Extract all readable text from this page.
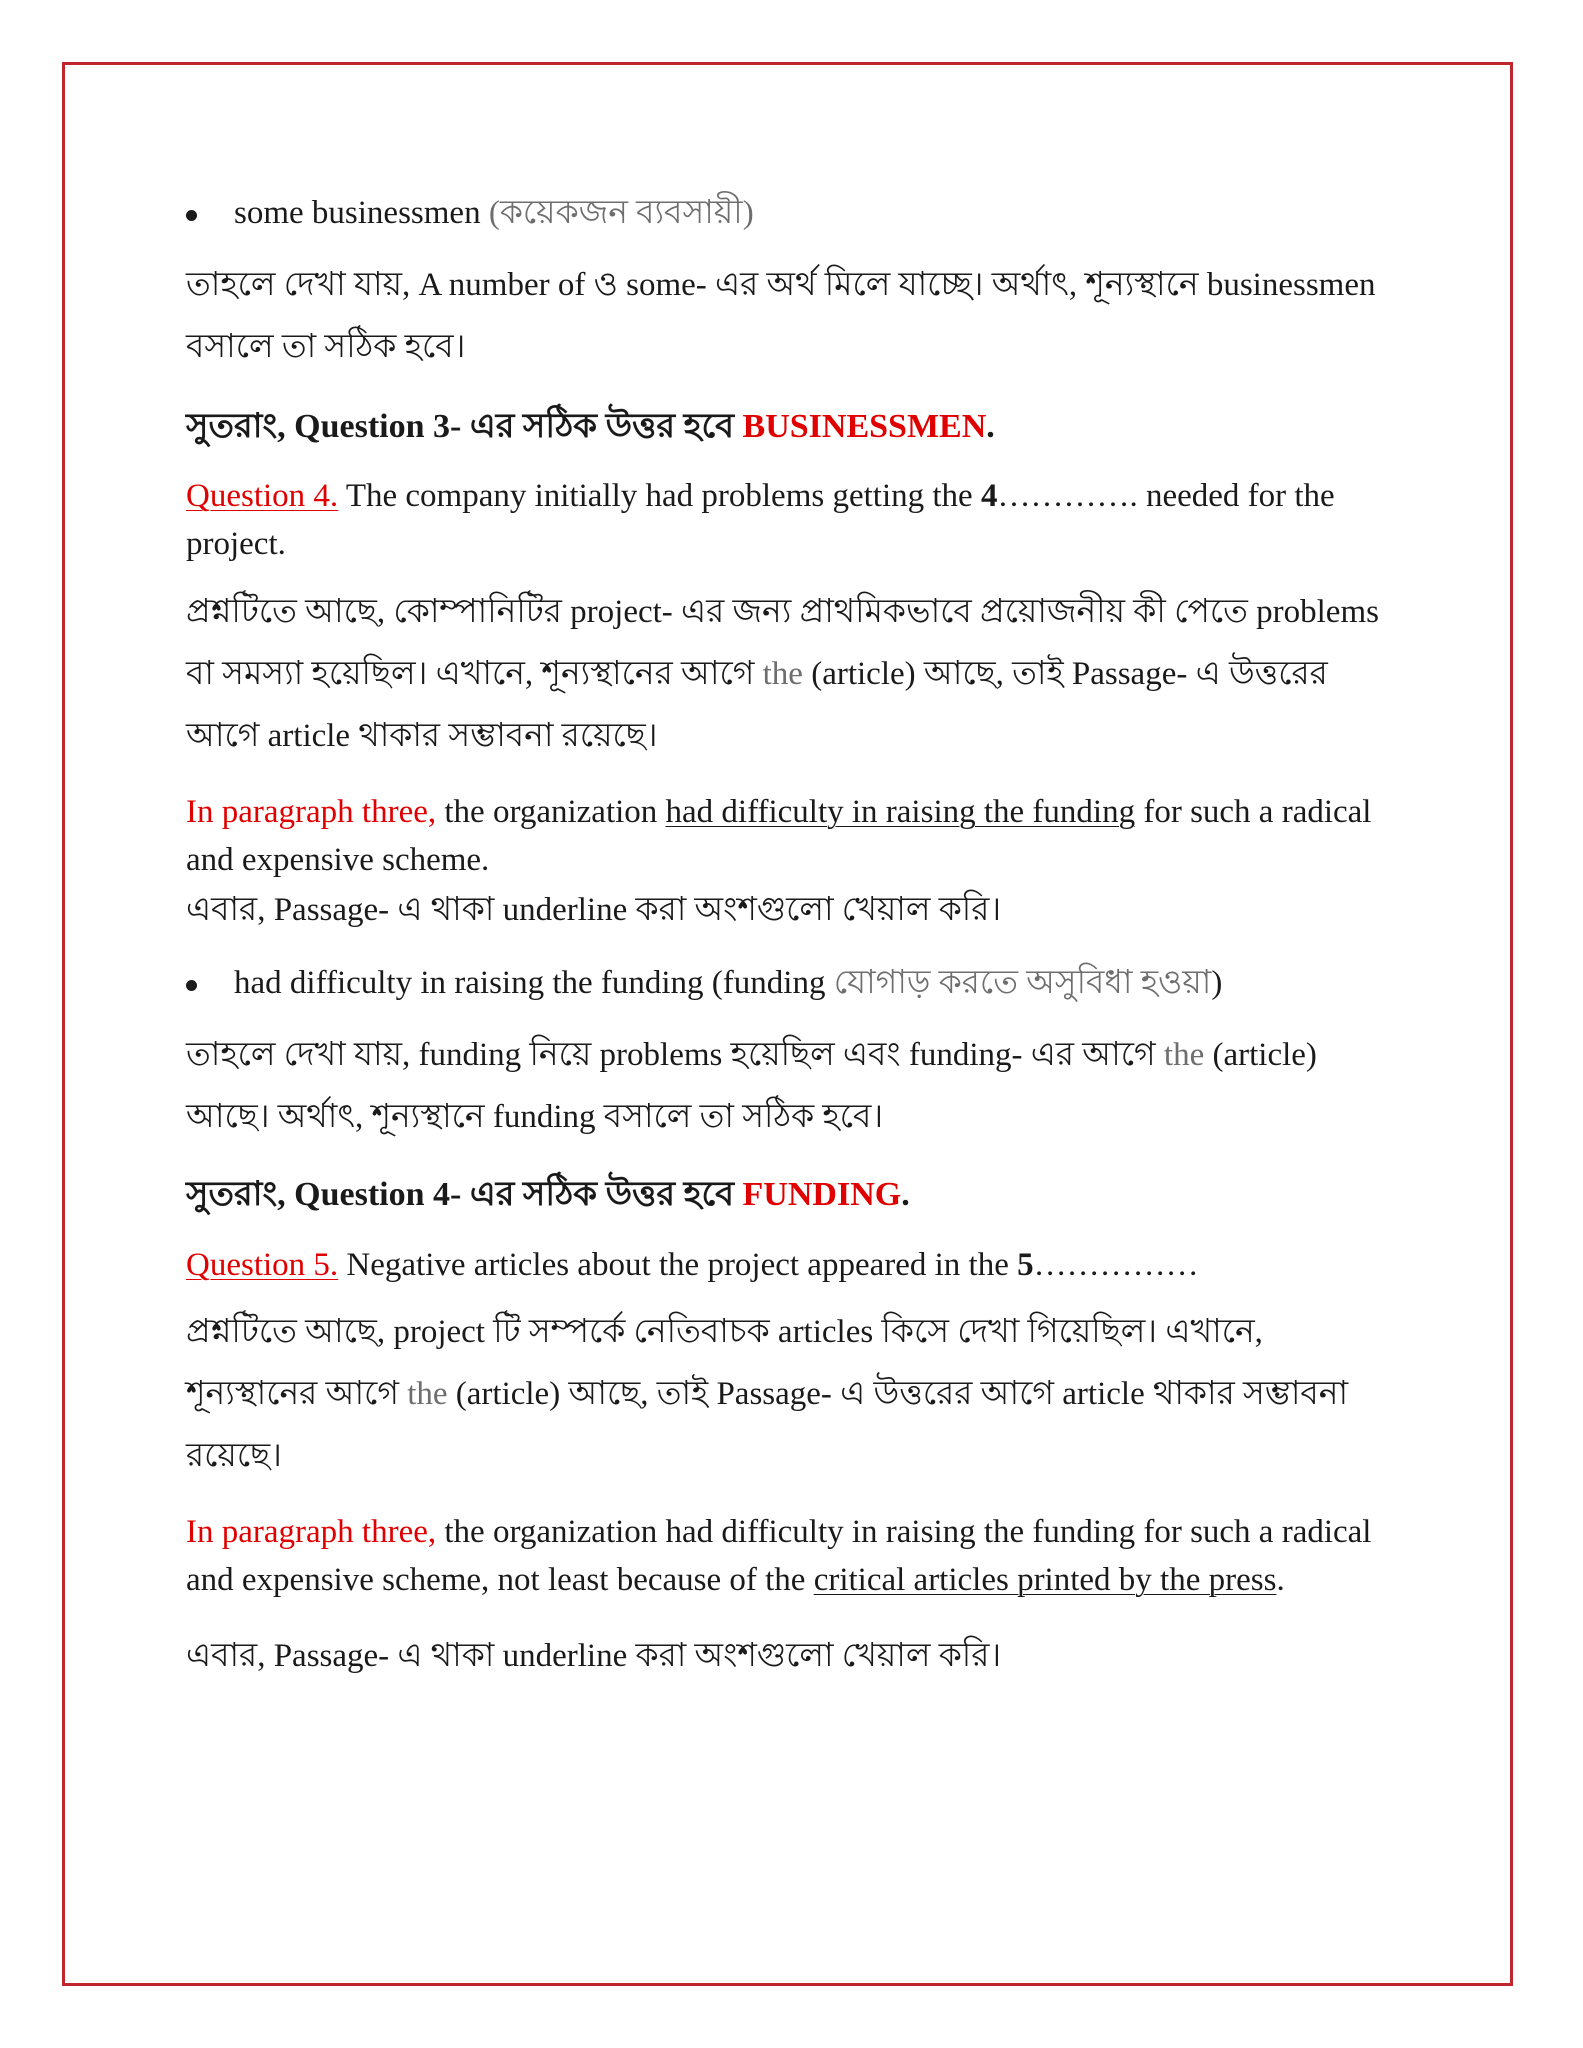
some businessmen (কয়েকজন ব্যবসায়ী)
তাহলে দেখা যায়, A number of ও some- এর অর্থ মিলে যাচ্ছে। অর্থাৎ, শূন্যস্থানে businessmen
বসালে তা সঠিক হবে।
সুতরাং, Question 3- এর সঠিক উত্তর হবে BUSINESSMEN.
Question 4. The company initially had problems getting the 4…………. needed for the project.
প্রশ্নটিতে আছে, কোম্পানিটির project- এর জন্য প্রাথমিকভাবে প্রয়োজনীয় কী পেতে problems
বা সমস্যা হয়েছিল। এখানে, শূন্যস্থানের আগে the (article) আছে, তাই Passage- এ উত্তরের
আগে article থাকার সম্ভাবনা রয়েছে।
In paragraph three, the organization had difficulty in raising the funding for such a radical and expensive scheme.
এবার, Passage- এ থাকা underline করা অংশগুলো খেয়াল করি।
had difficulty in raising the funding (funding যোগাড় করতে অসুবিধা হওয়া)
তাহলে দেখা যায়, funding নিয়ে problems হয়েছিল এবং funding- এর আগে the (article)
আছে। অর্থাৎ, শূন্যস্থানে funding বসালে তা সঠিক হবে।
সুতরাং, Question 4- এর সঠিক উত্তর হবে FUNDING.
Question 5. Negative articles about the project appeared in the 5……………
প্রশ্নটিতে আছে, project টি সম্পর্কে নেতিবাচক articles কিসে দেখা গিয়েছিল। এখানে,
শূন্যস্থানের আগে the (article) আছে, তাই Passage- এ উত্তরের আগে article থাকার সম্ভাবনা
রয়েছে।
In paragraph three, the organization had difficulty in raising the funding for such a radical and expensive scheme, not least because of the critical articles printed by the press.
এবার, Passage- এ থাকা underline করা অংশগুলো খেয়াল করি।
